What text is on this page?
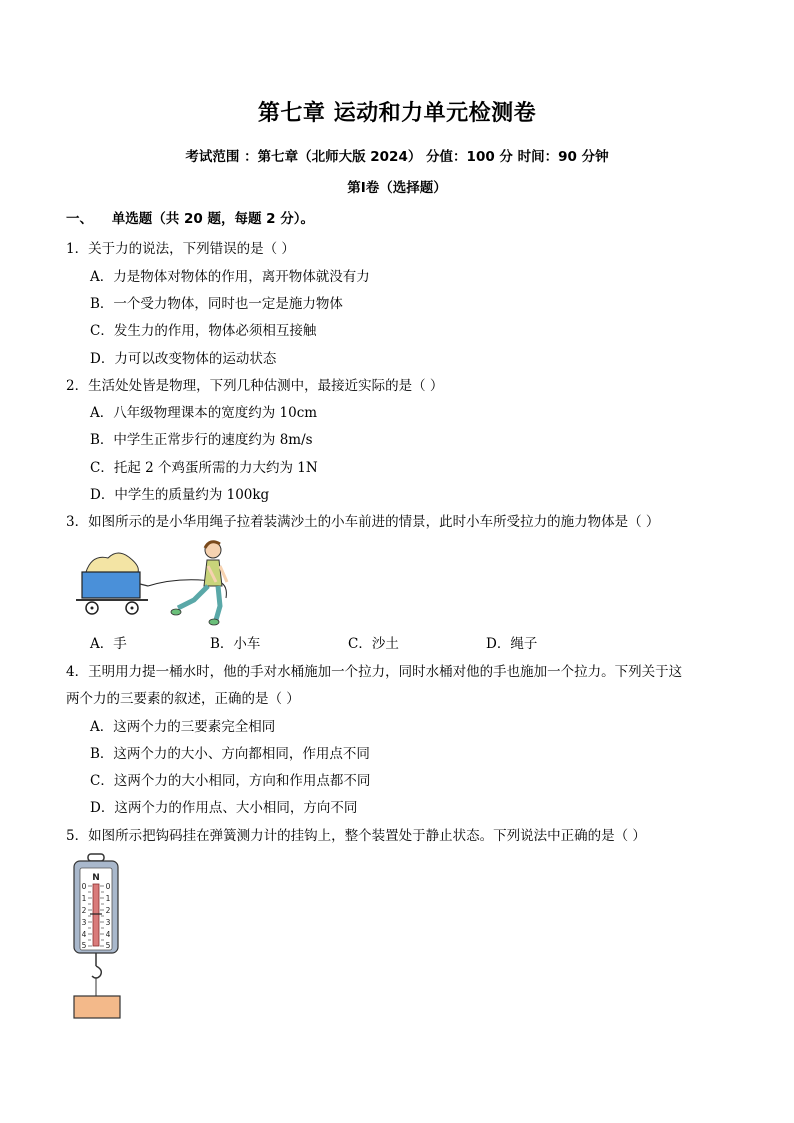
第七章 运动和力单元检测卷
考试范围 ：第七章（北师大版 2024） 分值：100 分 时间：90 分钟
第Ⅰ卷（选择题）
一、    单选题（共 20 题，每题 2 分）。
1．关于力的说法，下列错误的是（ ）
A．力是物体对物体的作用，离开物体就没有力
B．一个受力物体，同时也一定是施力物体
C．发生力的作用，物体必须相互接触
D．力可以改变物体的运动状态
2．生活处处皆是物理，下列几种估测中，最接近实际的是（ ）
A．八年级物理课本的宽度约为 10cm
B．中学生正常步行的速度约为 8m/s
C．托起 2 个鸡蛋所需的力大约为 1N
D．中学生的质量约为 100kg
3．如图所示的是小华用绳子拉着装满沙土的小车前进的情景，此时小车所受拉力的施力物体是（ ）
A．手	B．小车	C．沙土	D．绳子
4．王明用力提一桶水时，他的手对水桶施加一个拉力，同时水桶对他的手也施加一个拉力。下列关于这
两个力的三要素的叙述，正确的是（ ）
A．这两个力的三要素完全相同
B．这两个力的大小、方向都相同，作用点不同
C．这两个力的大小相同，方向和作用点都不同
D．这两个力的作用点、大小相同，方向不同
5．如图所示把钩码挂在弹簧测力计的挂钩上，整个装置处于静止状态。下列说法中正确的是（ ）
N
0
1
2
3
4
5
0
1
2
3
4
5
